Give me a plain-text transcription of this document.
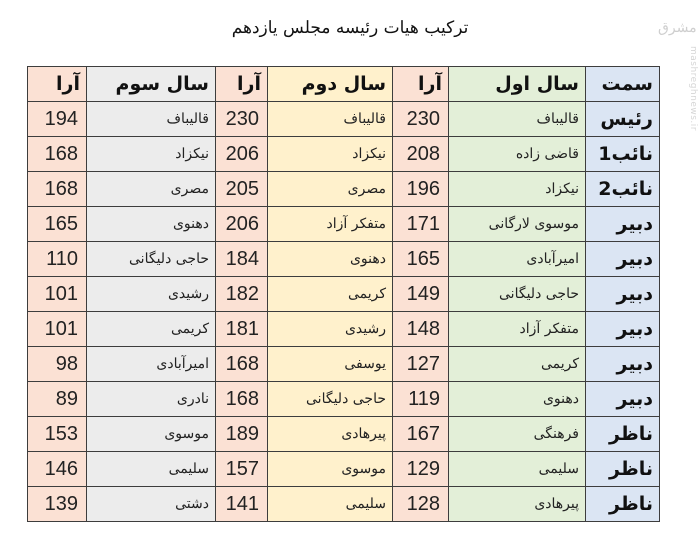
ترکیب هیات رئیسه مجلس یازدهم	مشرق
mashreghnews.ir
آرا	سال سوم	آرا	سال دوم	آرا	سال اول	سمت
194	قالیباف	230	قالیباف	230	قالیباف	رئیس
168	نیکزاد	206	نیکزاد	208	قاضی زاده	نائب1
168	مصری	205	مصری	196	نیکزاد	نائب2
165	دهنوی	206	متفکر آزاد	171	موسوی لارگانی	دبیر
110	حاجی دلیگانی	184	دهنوی	165	امیرآبادی	دبیر
101	رشیدی	182	کریمی	149	حاجی دلیگانی	دبیر
101	کریمی	181	رشیدی	148	متفکر آزاد	دبیر
98	امیرآبادی	168	یوسفی	127	کریمی	دبیر
89	نادری	168	حاجی دلیگانی	119	دهنوی	دبیر
153	موسوی	189	پیرهادی	167	فرهنگی	ناظر
146	سلیمی	157	موسوی	129	سلیمی	ناظر
139	دشتی	141	سلیمی	128	پیرهادی	ناظر
